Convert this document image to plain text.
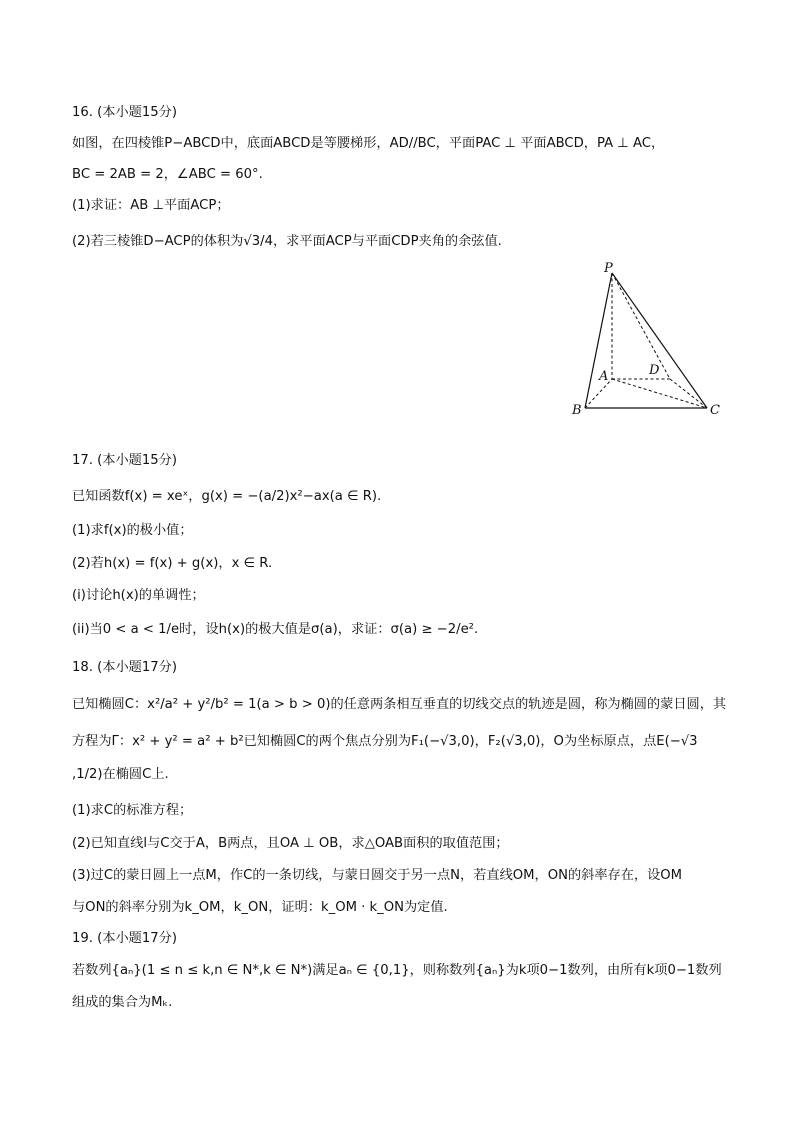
16. (本小题15分)
如图，在四棱锥P−ABCD中，底面ABCD是等腰梯形，AD//BC，平面PAC ⊥ 平面ABCD，PA ⊥ AC，
BC = 2AB = 2，∠ABC = 60°.
(1)求证：AB ⊥平面ACP；
(2)若三棱锥D−ACP的体积为√3/4，求平面ACP与平面CDP夹角的余弦值.
P
A	D
B	C
17. (本小题15分)
已知函数f(x) = xeˣ，g(x) = −(a/2)x²−ax(a ∈ R).
(1)求f(x)的极小值；
(2)若h(x) = f(x) + g(x)，x ∈ R.
(i)讨论h(x)的单调性；
(ii)当0 < a < 1/e时，设h(x)的极大值是σ(a)，求证：σ(a) ≥ −2/e².
18. (本小题17分)
已知椭圆C：x²/a² + y²/b² = 1(a > b > 0)的任意两条相互垂直的切线交点的轨迹是圆，称为椭圆的蒙日圆，其
方程为Γ：x² + y² = a² + b²已知椭圆C的两个焦点分别为F₁(−√3,0)，F₂(√3,0)，O为坐标原点，点E(−√3
,1/2)在椭圆C上.
(1)求C的标准方程；
(2)已知直线l与C交于A，B两点，且OA ⊥ OB，求△OAB面积的取值范围；
(3)过C的蒙日圆上一点M，作C的一条切线，与蒙日圆交于另一点N，若直线OM，ON的斜率存在，设OM
与ON的斜率分别为k_OM，k_ON，证明：k_OM · k_ON为定值.
19. (本小题17分)
若数列{aₙ}(1 ≤ n ≤ k,n ∈ N*,k ∈ N*)满足aₙ ∈ {0,1}，则称数列{aₙ}为k项0−1数列，由所有k项0−1数列
组成的集合为Mₖ.
